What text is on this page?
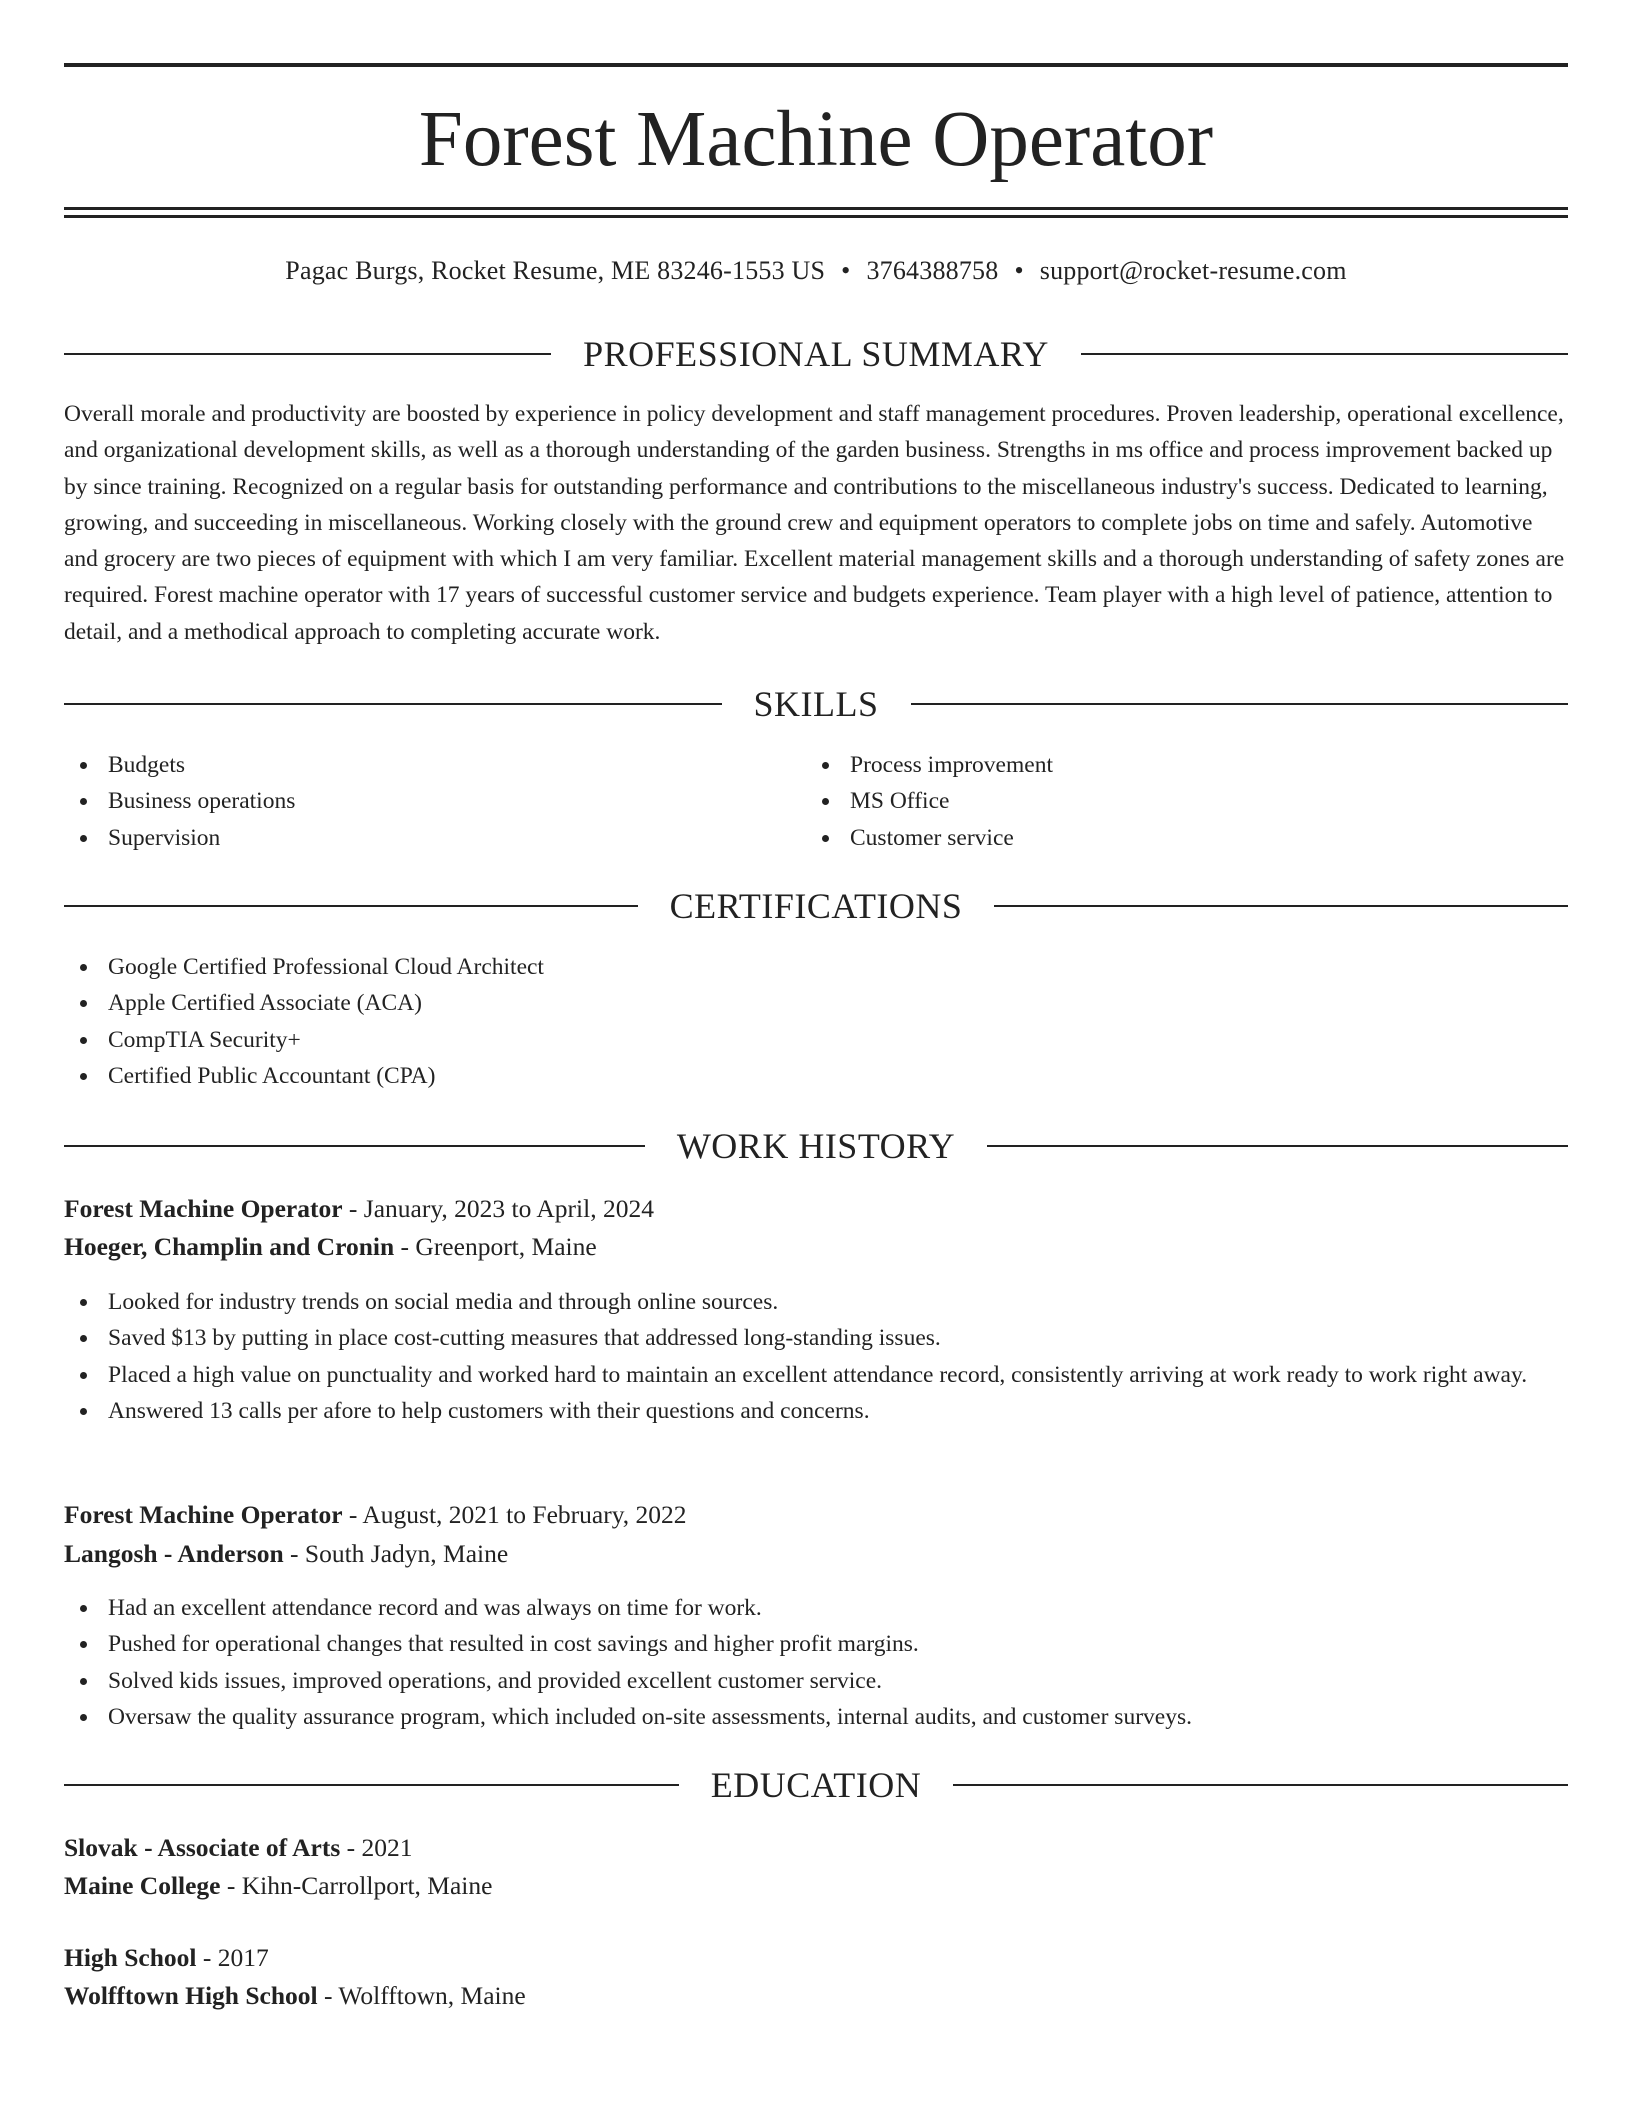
Forest Machine Operator
Pagac Burgs, Rocket Resume, ME 83246-1553 US • 3764388758 • support@rocket-resume.com
PROFESSIONAL SUMMARY

Overall morale and productivity are boosted by experience in policy development and staff management procedures. Proven leadership, operational excellence, and organizational development skills, as well as a thorough understanding of the garden business. Strengths in ms office and process improvement backed up by since training. Recognized on a regular basis for outstanding performance and contributions to the miscellaneous industry's success. Dedicated to learning, growing, and succeeding in miscellaneous. Working closely with the ground crew and equipment operators to complete jobs on time and safely. Automotive and grocery are two pieces of equipment with which I am very familiar. Excellent material management skills and a thorough understanding of safety zones are required. Forest machine operator with 17 years of successful customer service and budgets experience. Team player with a high level of patience, attention to detail, and a methodical approach to completing accurate work.

SKILLS
Budgets
Business operations
Supervision
Process improvement
MS Office
Customer service
CERTIFICATIONS
Google Certified Professional Cloud Architect
Apple Certified Associate (ACA)
CompTIA Security+
Certified Public Accountant (CPA)
WORK HISTORY
Forest Machine Operator - January, 2023 to April, 2024
Hoeger, Champlin and Cronin - Greenport, Maine
Looked for industry trends on social media and through online sources.
Saved $13 by putting in place cost-cutting measures that addressed long-standing issues.
Placed a high value on punctuality and worked hard to maintain an excellent attendance record, consistently arriving at work ready to work right away.
Answered 13 calls per afore to help customers with their questions and concerns.
Forest Machine Operator - August, 2021 to February, 2022
Langosh - Anderson - South Jadyn, Maine
Had an excellent attendance record and was always on time for work.
Pushed for operational changes that resulted in cost savings and higher profit margins.
Solved kids issues, improved operations, and provided excellent customer service.
Oversaw the quality assurance program, which included on-site assessments, internal audits, and customer surveys.
EDUCATION
Slovak - Associate of Arts - 2021
Maine College - Kihn-Carrollport, Maine
High School - 2017
Wolfftown High School - Wolfftown, Maine
